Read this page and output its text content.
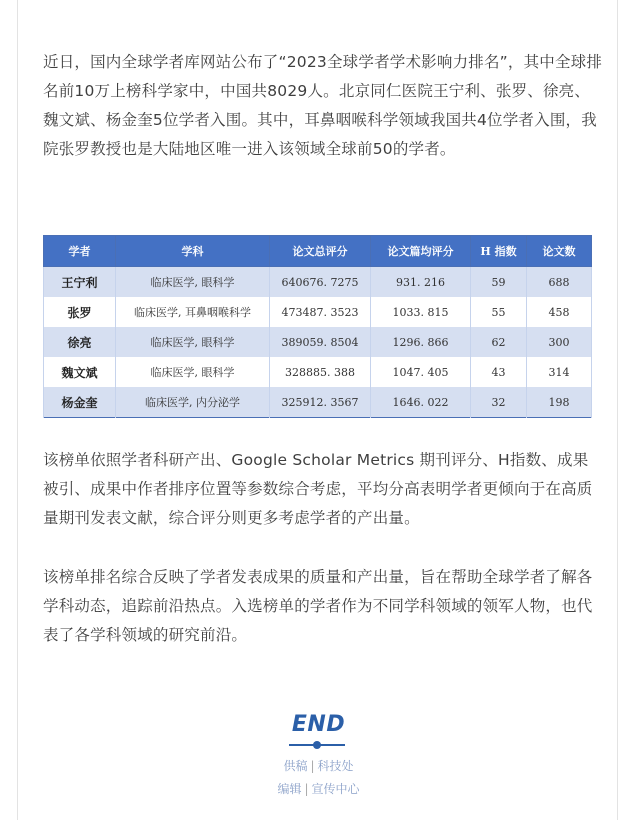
近日，国内全球学者库网站公布了“2023全球学者学术影响力排名”，其中全球排名前10万上榜科学家中，中国共8029人。北京同仁医院王宁利、张罗、徐亮、魏文斌、杨金奎5位学者入围。其中，耳鼻咽喉科学领域我国共4位学者入围，我院张罗教授也是大陆地区唯一进入该领域全球前50的学者。

学者	学科	论文总评分	论文篇均评分	H 指数	论文数
王宁利	临床医学, 眼科学	640676. 7275	931. 216	59	688
张罗	临床医学, 耳鼻咽喉科学	473487. 3523	1033. 815	55	458
徐亮	临床医学, 眼科学	389059. 8504	1296. 866	62	300
魏文斌	临床医学, 眼科学	328885. 388	1047. 405	43	314
杨金奎	临床医学, 内分泌学	325912. 3567	1646. 022	32	198

该榜单依照学者科研产出、Google Scholar Metrics 期刊评分、H指数、成果被引、成果中作者排序位置等参数综合考虑，平均分高表明学者更倾向于在高质量期刊发表文献，综合评分则更多考虑学者的产出量。

该榜单排名综合反映了学者发表成果的质量和产出量，旨在帮助全球学者了解各学科动态，追踪前沿热点。入选榜单的学者作为不同学科领域的领军人物，也代表了各学科领域的研究前沿。

END
供稿 | 科技处
编辑 | 宣传中心
